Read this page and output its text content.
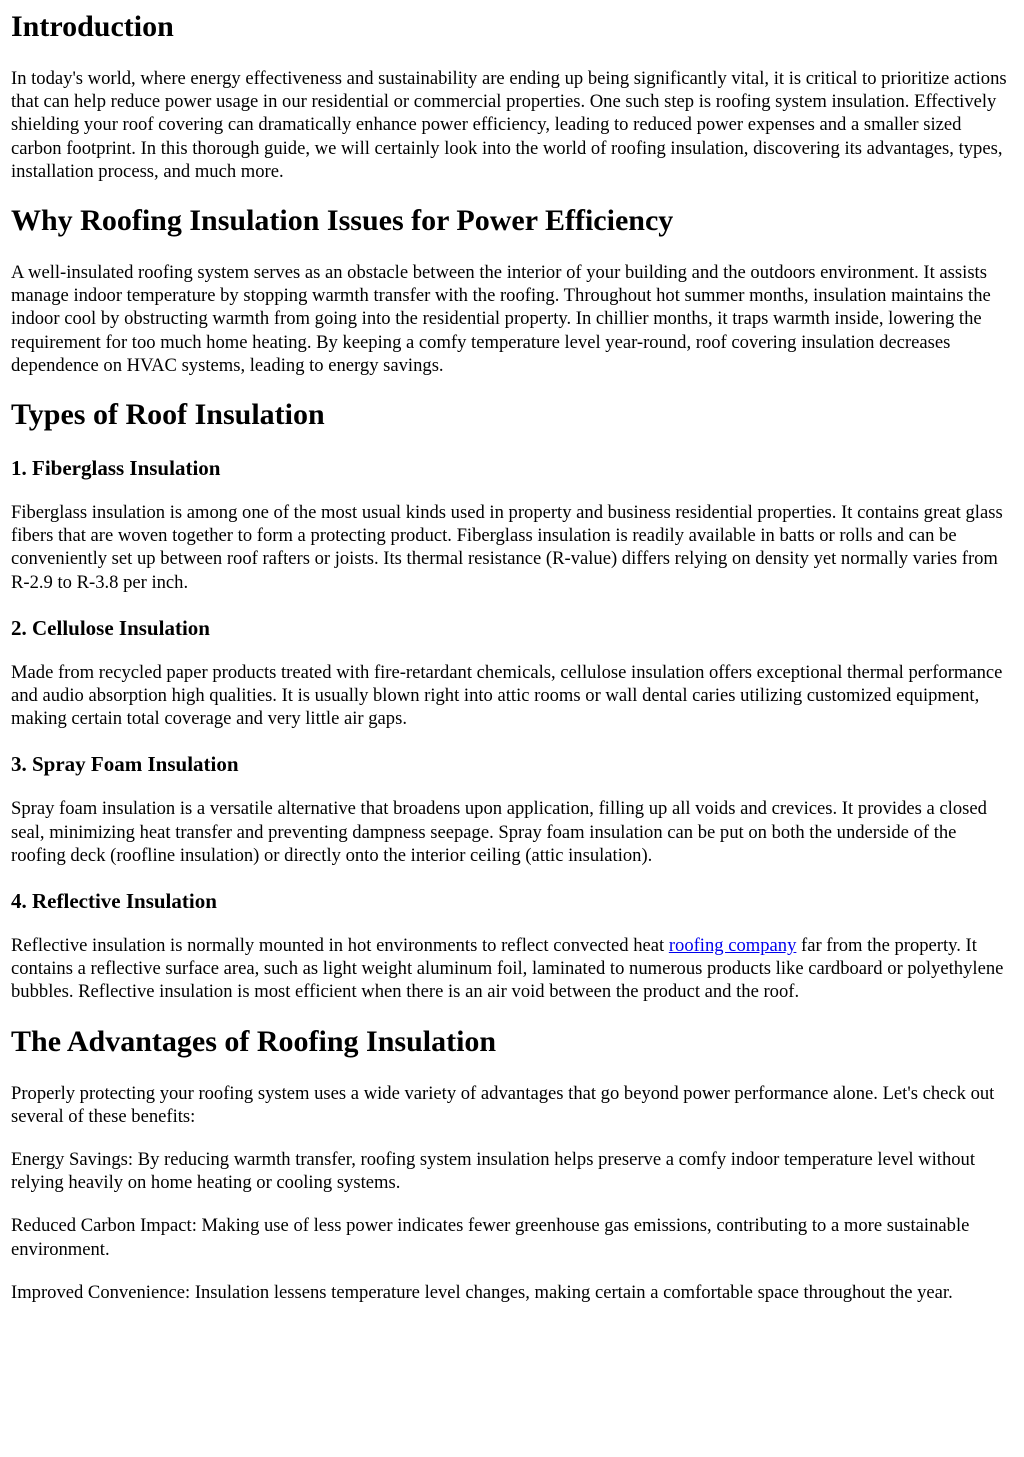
Introduction

In today's world, where energy effectiveness and sustainability are ending up being significantly vital, it is critical to prioritize actions that can help reduce power usage in our residential or commercial properties. One such step is roofing system insulation. Effectively shielding your roof covering can dramatically enhance power efficiency, leading to reduced power expenses and a smaller sized carbon footprint. In this thorough guide, we will certainly look into the world of roofing insulation, discovering its advantages, types, installation process, and much more.

Why Roofing Insulation Issues for Power Efficiency

A well-insulated roofing system serves as an obstacle between the interior of your building and the outdoors environment. It assists manage indoor temperature by stopping warmth transfer with the roofing. Throughout hot summer months, insulation maintains the indoor cool by obstructing warmth from going into the residential property. In chillier months, it traps warmth inside, lowering the requirement for too much home heating. By keeping a comfy temperature level year-round, roof covering insulation decreases dependence on HVAC systems, leading to energy savings.

Types of Roof Insulation
1. Fiberglass Insulation

Fiberglass insulation is among one of the most usual kinds used in property and business residential properties. It contains great glass fibers that are woven together to form a protecting product. Fiberglass insulation is readily available in batts or rolls and can be conveniently set up between roof rafters or joists. Its thermal resistance (R-value) differs relying on density yet normally varies from R-2.9 to R-3.8 per inch.

2. Cellulose Insulation

Made from recycled paper products treated with fire-retardant chemicals, cellulose insulation offers exceptional thermal performance and audio absorption high qualities. It is usually blown right into attic rooms or wall dental caries utilizing customized equipment, making certain total coverage and very little air gaps.

3. Spray Foam Insulation

Spray foam insulation is a versatile alternative that broadens upon application, filling up all voids and crevices. It provides a closed seal, minimizing heat transfer and preventing dampness seepage. Spray foam insulation can be put on both the underside of the roofing deck (roofline insulation) or directly onto the interior ceiling (attic insulation).

4. Reflective Insulation

Reflective insulation is normally mounted in hot environments to reflect convected heat roofing company far from the property. It contains a reflective surface area, such as light weight aluminum foil, laminated to numerous products like cardboard or polyethylene bubbles. Reflective insulation is most efficient when there is an air void between the product and the roof.

The Advantages of Roofing Insulation

Properly protecting your roofing system uses a wide variety of advantages that go beyond power performance alone. Let's check out several of these benefits:

Energy Savings: By reducing warmth transfer, roofing system insulation helps preserve a comfy indoor temperature level without relying heavily on home heating or cooling systems.

Reduced Carbon Impact: Making use of less power indicates fewer greenhouse gas emissions, contributing to a more sustainable environment.

Improved Convenience: Insulation lessens temperature level changes, making certain a comfortable space throughout the year.
